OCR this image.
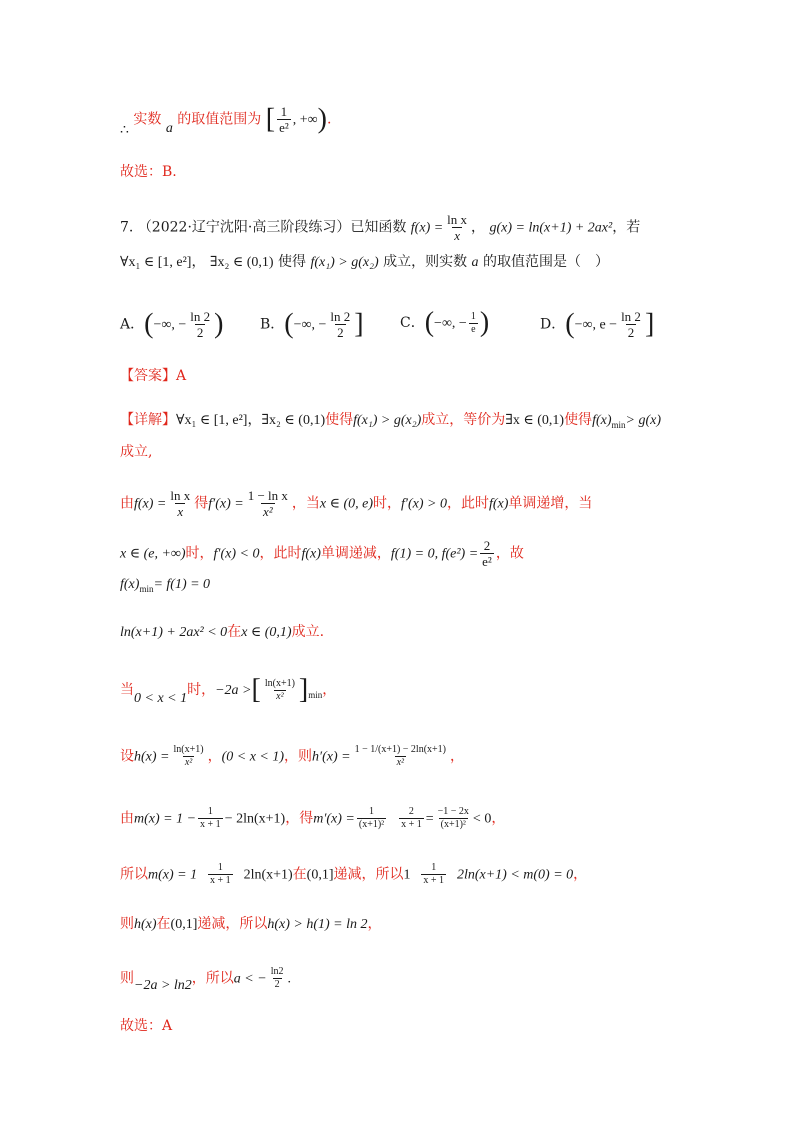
∴ 实数 a 的取值范围为 [ $\frac{1}{\text{e²}}$ , +∞).
故选：B.
7. （2022·辽宁沈阳·高三阶段练习）已知函数 $f(x) = \frac{\text{ln x}}{x}$ ， g(x) = ln(x+1) + 2ax²，若
∀x₁ ∈ [1, e²]， ∃x₂ ∈ (0,1) 使得 f(x₁) > g(x₂) 成立，则实数 a 的取值范围是（　）
A．(−∞, − $\frac{\ln 2}{2}$ )	B．(−∞, − $\frac{\ln 2}{2}$ ]	C．(−∞, − $\frac{1}{e}$ )	D．(−∞, $e - \frac{\ln 2}{2}$ ]
【答案】A
【详解】∀x₁ ∈ [1, e²]，∃x₂ ∈ (0,1)使得f(x₁) > g(x₂)成立，等价为∃x ∈ (0,1)使得$f(x)_{min}> g(x)$
成立,
由$f(x) = \frac{\text{ln x}}{x}$ 得$f'(x) = \frac{\text{1 − ln x}}{\text{x²}}$ ，当x ∈ (0, e)时，f′(x) > 0，此时f(x)单调递增，当
x ∈ (e, +∞)时，f′(x) < 0，此时f(x)单调递减，f(1) = 0, $f(e^2) = \frac{2}{\text{e²}}$ ，故
$f(x)_{min}= f(1) = 0$
ln(x+1) + 2ax² < 0在x ∈ (0,1)成立.
当0 < x < 1时，−2a >[ $\frac{\ln(x+1)}{\text{x²}} ]_{min}$，
设$h(x) = \frac{\ln(x+1)}{\text{x²}}$ ，(0 < x < 1)，则$h'(x) = \frac{1 - 1/(x+1) - 2\ln(x+1)}{\text{x²}}$ ，
由$m(x) = 1 - \frac{1}{x + 1} - 2\ln(x+1)$，得$m'(x) = \frac{1}{\text{(x+1)²}}$
$\frac{2}{x + 1} = \frac{-1 - 2x}{\text{(x+1)²}} < 0$，
所以$m(x) = 1 \frac{1}{x + 1} 2\ln(x+1)$在(0,1]递减，所以$1 \frac{1}{x + 1} 2\ln(x+1) < m(0) = 0$，
则h(x)在(0,1]递减，所以h(x) > h(1) = ln 2，
则−2a > ln2，所以a < − $\frac{\ln 2}{2}$ .
故选：A
